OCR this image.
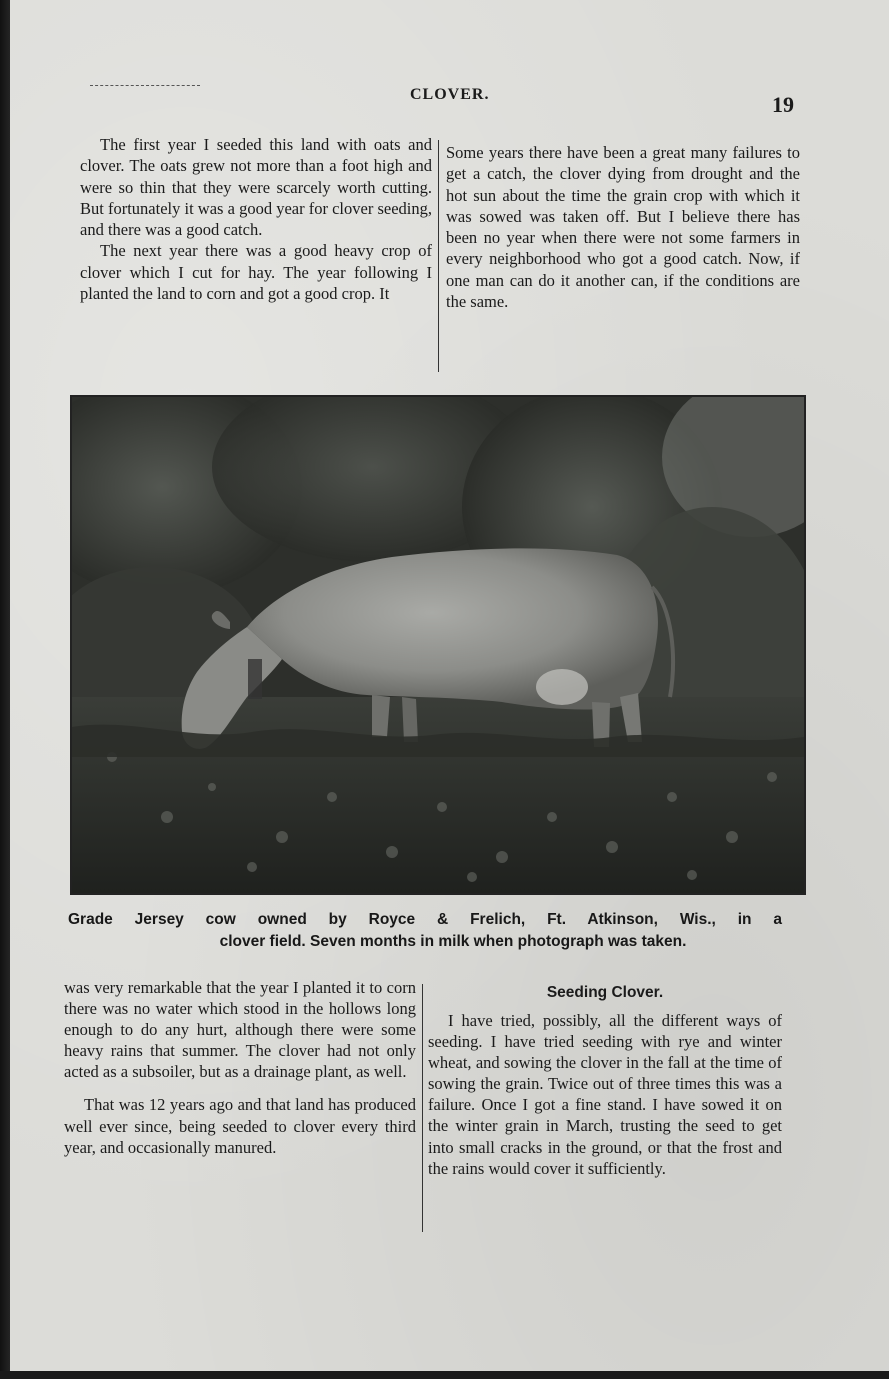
CLOVER.	19

The first year I seeded this land with oats and clover. The oats grew not more than a foot high and were so thin that they were scarcely worth cutting. But fortunately it was a good year for clover seeding, and there was a good catch.

The next year there was a good heavy crop of clover which I cut for hay. The year following I planted the land to corn and got a good crop. It

Some years there have been a great many failures to get a catch, the clover dying from drought and the hot sun about the time the grain crop with which it was sowed was taken off. But I believe there has been no year when there were not some farmers in every neighborhood who got a good catch. Now, if one man can do it another can, if the conditions are the same.

Grade Jersey cow owned by Royce & Frelich, Ft. Atkinson, Wis., in a
clover field. Seven months in milk when photograph was taken.

was very remarkable that the year I planted it to corn there was no water which stood in the hollows long enough to do any hurt, although there were some heavy rains that summer. The clover had not only acted as a subsoiler, but as a drainage plant, as well.

That was 12 years ago and that land has produced well ever since, being seeded to clover every third year, and occasionally manured.

Seeding Clover.

I have tried, possibly, all the different ways of seeding. I have tried seeding with rye and winter wheat, and sowing the clover in the fall at the time of sowing the grain. Twice out of three times this was a failure. Once I got a fine stand. I have sowed it on the winter grain in March, trusting the seed to get into small cracks in the ground, or that the frost and the rains would cover it sufficiently.
